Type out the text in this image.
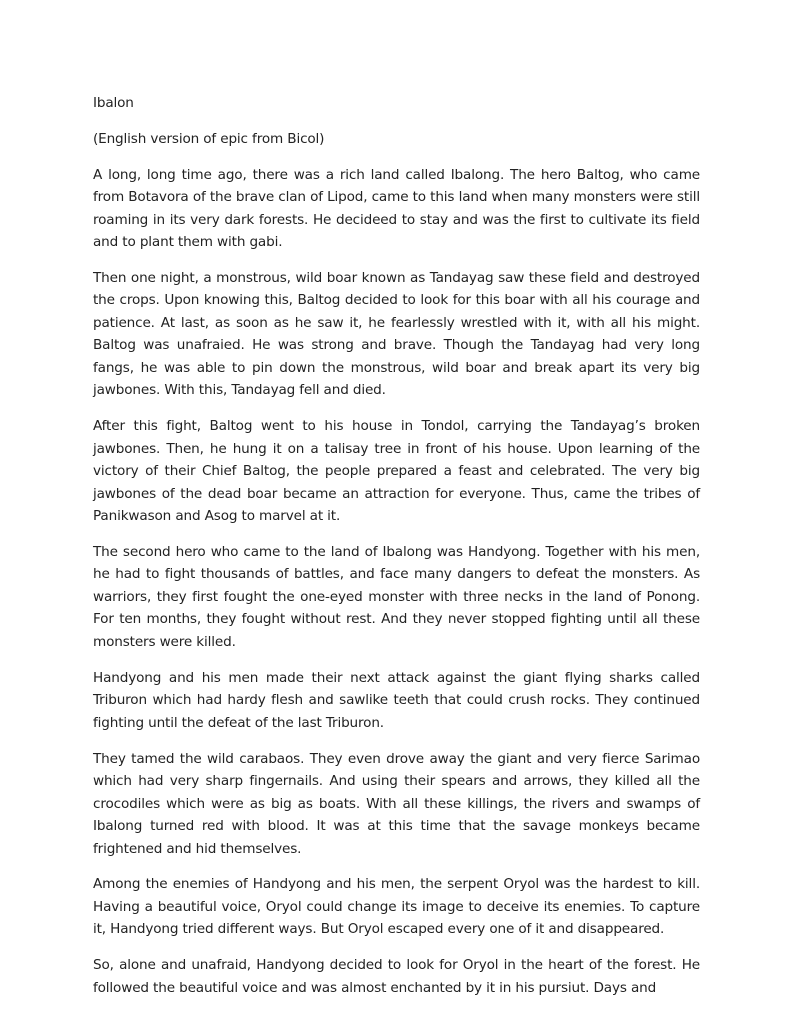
Ibalon

(English version of epic from Bicol)

A long, long time ago, there was a rich land called Ibalong. The hero Baltog, who came from Botavora of the brave clan of Lipod, came to this land when many monsters were still roaming in its very dark forests. He decideed to stay and was the first to cultivate its field and to plant them with gabi.

Then one night, a monstrous, wild boar known as Tandayag saw these field and destroyed the crops. Upon knowing this, Baltog decided to look for this boar with all his courage and patience. At last, as soon as he saw it, he fearlessly wrestled with it, with all his might. Baltog was unafraied. He was strong and brave. Though the Tandayag had very long fangs, he was able to pin down the monstrous, wild boar and break apart its very big jawbones. With this, Tandayag fell and died.

After this fight, Baltog went to his house in Tondol, carrying the Tandayag’s broken jawbones. Then, he hung it on a talisay tree in front of his house. Upon learning of the victory of their Chief Baltog, the people prepared a feast and celebrated. The very big jawbones of the dead boar became an attraction for everyone. Thus, came the tribes of Panikwason and Asog to marvel at it.

The second hero who came to the land of Ibalong was Handyong. Together with his men, he had to fight thousands of battles, and face many dangers to defeat the monsters. As warriors, they first fought the one-eyed monster with three necks in the land of Ponong. For ten months, they fought without rest. And they never stopped fighting until all these monsters were killed.

Handyong and his men made their next attack against the giant flying sharks called Triburon which had hardy flesh and sawlike teeth that could crush rocks. They continued fighting until the defeat of the last Triburon.

They tamed the wild carabaos. They even drove away the giant and very fierce Sarimao which had very sharp fingernails. And using their spears and arrows, they killed all the crocodiles which were as big as boats. With all these killings, the rivers and swamps of Ibalong turned red with blood. It was at this time that the savage monkeys became frightened and hid themselves.

Among the enemies of Handyong and his men, the serpent Oryol was the hardest to kill. Having a beautiful voice, Oryol could change its image to deceive its enemies. To capture it, Handyong tried different ways. But Oryol escaped every one of it and disappeared.

So, alone and unafraid, Handyong decided to look for Oryol in the heart of the forest. He followed the beautiful voice and was almost enchanted by it in his pursiut. Days and
